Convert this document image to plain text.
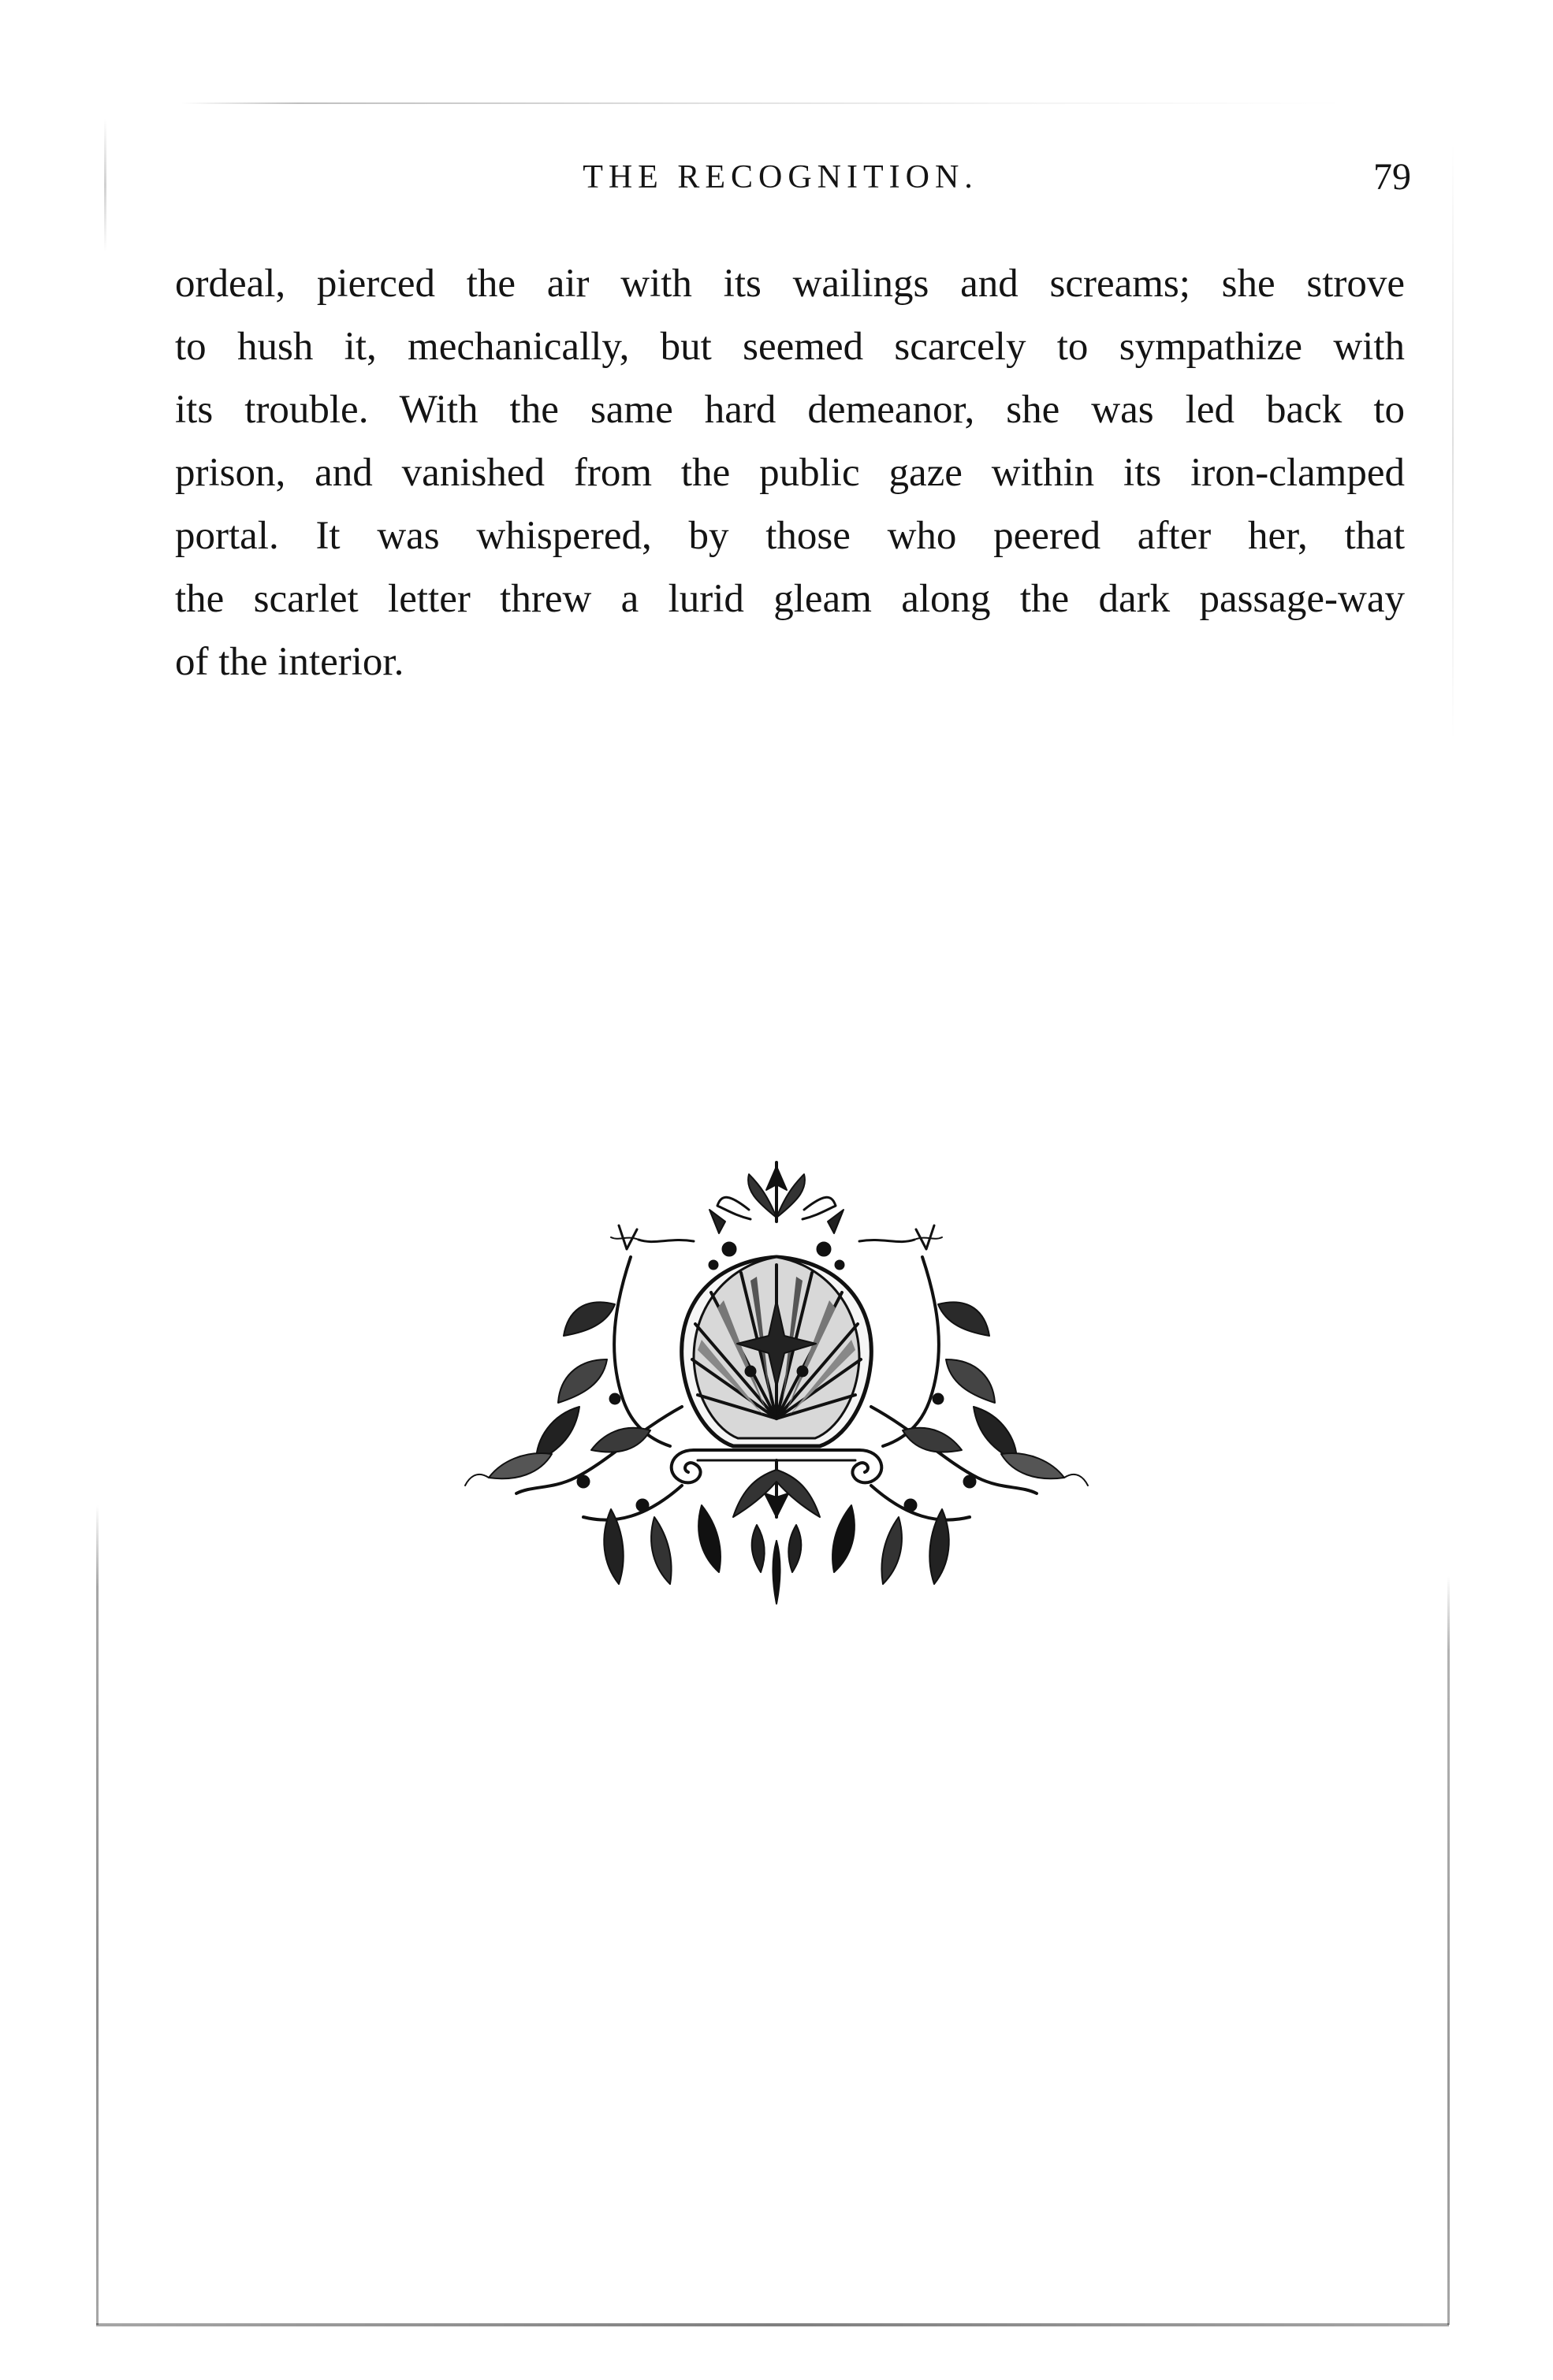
THE RECOGNITION.	79
ordeal, pierced the air with its wailings and screams; she strove
to hush it, mechanically, but seemed scarcely to sympathize with
its trouble. With the same hard demeanor, she was led back to
prison, and vanished from the public gaze within its iron-clamped
portal. It was whispered, by those who peered after her, that
the scarlet letter threw a lurid gleam along the dark passage-way
of the interior.
